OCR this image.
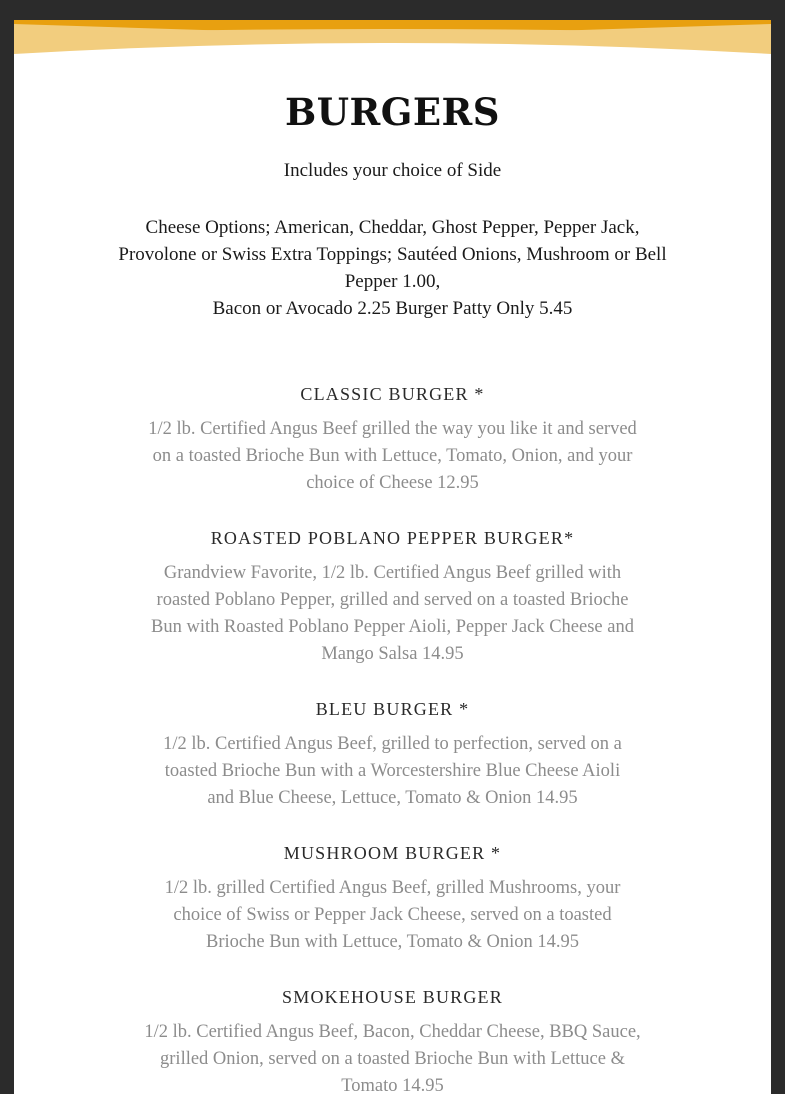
BURGERS
Includes your choice of Side
Cheese Options; American, Cheddar, Ghost Pepper, Pepper Jack,
Provolone or Swiss Extra Toppings; Sautéed Onions, Mushroom or Bell
Pepper 1.00,
Bacon or Avocado 2.25 Burger Patty Only 5.45
CLASSIC BURGER *
1/2 lb. Certified Angus Beef grilled the way you like it and served
on a toasted Brioche Bun with Lettuce, Tomato, Onion, and your
choice of Cheese 12.95
ROASTED POBLANO PEPPER BURGER*
Grandview Favorite, 1/2 lb. Certified Angus Beef grilled with
roasted Poblano Pepper, grilled and served on a toasted Brioche
Bun with Roasted Poblano Pepper Aioli, Pepper Jack Cheese and
Mango Salsa 14.95
BLEU BURGER *
1/2 lb. Certified Angus Beef, grilled to perfection, served on a
toasted Brioche Bun with a Worcestershire Blue Cheese Aioli
and Blue Cheese, Lettuce, Tomato & Onion 14.95
MUSHROOM BURGER *
1/2 lb. grilled Certified Angus Beef, grilled Mushrooms, your
choice of Swiss or Pepper Jack Cheese, served on a toasted
Brioche Bun with Lettuce, Tomato & Onion 14.95
SMOKEHOUSE BURGER
1/2 lb. Certified Angus Beef, Bacon, Cheddar Cheese, BBQ Sauce,
grilled Onion, served on a toasted Brioche Bun with Lettuce &
Tomato 14.95
